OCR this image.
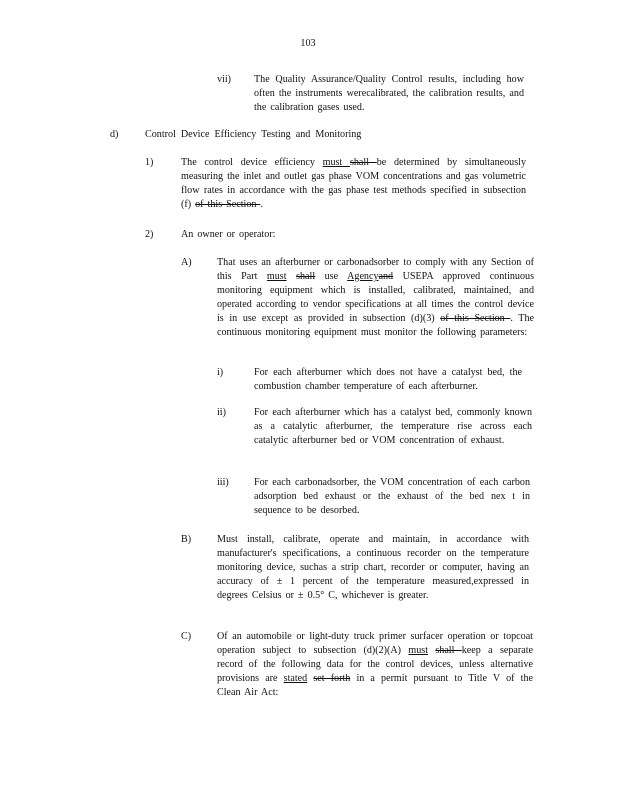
103
vii) The Quality Assurance/Quality Control results, including how often the instruments werecalibrated, the calibration results, and the calibration gases used.
d)	Control Device Efficiency Testing and Monitoring
1)	The control device efficiency must shall be determined by simultaneously measuring the inlet and outlet gas phase VOM concentrations and gas volumetric flow rates in accordance with the gas phase test methods specified in subsection (f) of this Section .
2)	An owner or operator:
A)	That uses an afterburner or carbonadsorber to comply with any Section of this Part must shall use Agencyand USEPA approved continuous monitoring equipment which is installed, calibrated, maintained, and operated according to vendor specifications at all times the control device is in use except as provided in subsection (d)(3) of this Section . The continuous monitoring equipment must monitor the following parameters:
i)	For each afterburner which does not have a catalyst bed, the combustion chamber temperature of each afterburner.
ii)	For each afterburner which has a catalyst bed, commonly known as a catalytic afterburner, the temperature rise across each catalytic afterburner bed or VOM concentration of exhaust.
iii) For each carbonadsorber, the VOM concentration of each carbon adsorption bed exhaust or the exhaust of the bed nex t in sequence to be desorbed.
B)	Must install, calibrate, operate and maintain, in accordance with manufacturer's specifications, a continuous recorder on the temperature monitoring device, suchas a strip chart, recorder or computer, having an accuracy of ± 1 percent of the temperature measured,expressed in degrees Celsius or ± 0.5° C, whichever is greater.
C)	Of an automobile or light-duty truck primer surfacer operation or topcoat operation subject to subsection (d)(2)(A) must shall keep a separate record of the following data for the control devices, unless alternative provisions are stated set forth in a permit pursuant to Title V of the Clean Air Act:
